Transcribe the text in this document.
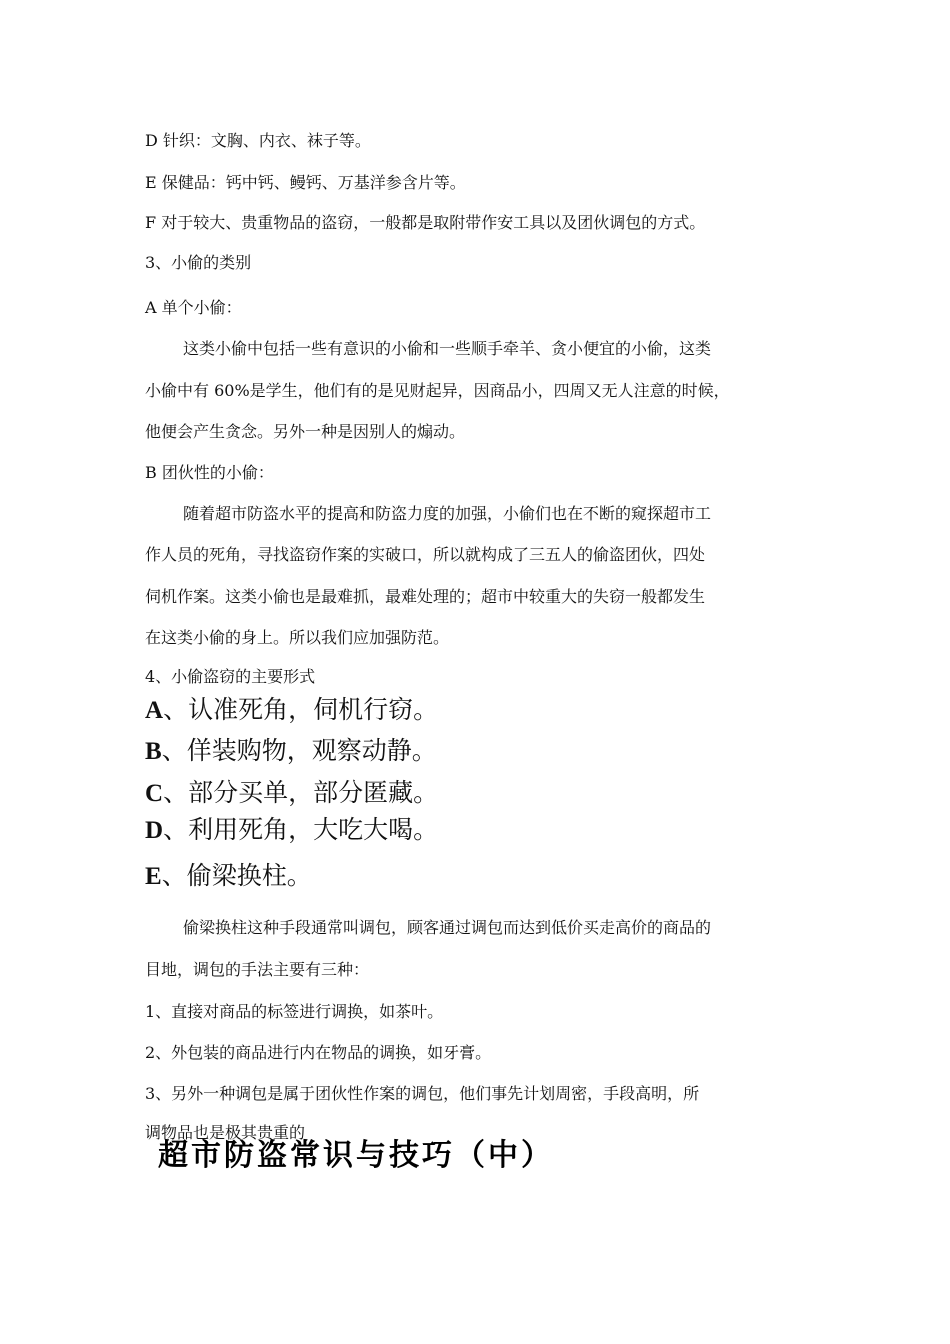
D 针织：文胸、内衣、袜子等。
E 保健品：钙中钙、鳗钙、万基洋参含片等。
F 对于较大、贵重物品的盗窃，一般都是取附带作安工具以及团伙调包的方式。
3、小偷的类别
A 单个小偷：
这类小偷中包括一些有意识的小偷和一些顺手牵羊、贪小便宜的小偷，这类
小偷中有 60%是学生，他们有的是见财起异，因商品小，四周又无人注意的时候，
他便会产生贪念。另外一种是因别人的煽动。
B 团伙性的小偷：
随着超市防盗水平的提高和防盗力度的加强，小偷们也在不断的窥探超市工
作人员的死角，寻找盗窃作案的实破口，所以就构成了三五人的偷盗团伙，四处
伺机作案。这类小偷也是最难抓，最难处理的；超市中较重大的失窃一般都发生
在这类小偷的身上。所以我们应加强防范。
4、小偷盗窃的主要形式
A、认准死角，伺机行窃。
B、佯装购物，观察动静。
C、部分买单，部分匿藏。
D、利用死角，大吃大喝。
E、偷梁换柱。
偷梁换柱这种手段通常叫调包，顾客通过调包而达到低价买走高价的商品的
目地，调包的手法主要有三种：
1、直接对商品的标签进行调换，如茶叶。
2、外包装的商品进行内在物品的调换，如牙膏。
3、另外一种调包是属于团伙性作案的调包，他们事先计划周密，手段高明，所
调物品也是极其贵重的
超市防盗常识与技巧（中）
